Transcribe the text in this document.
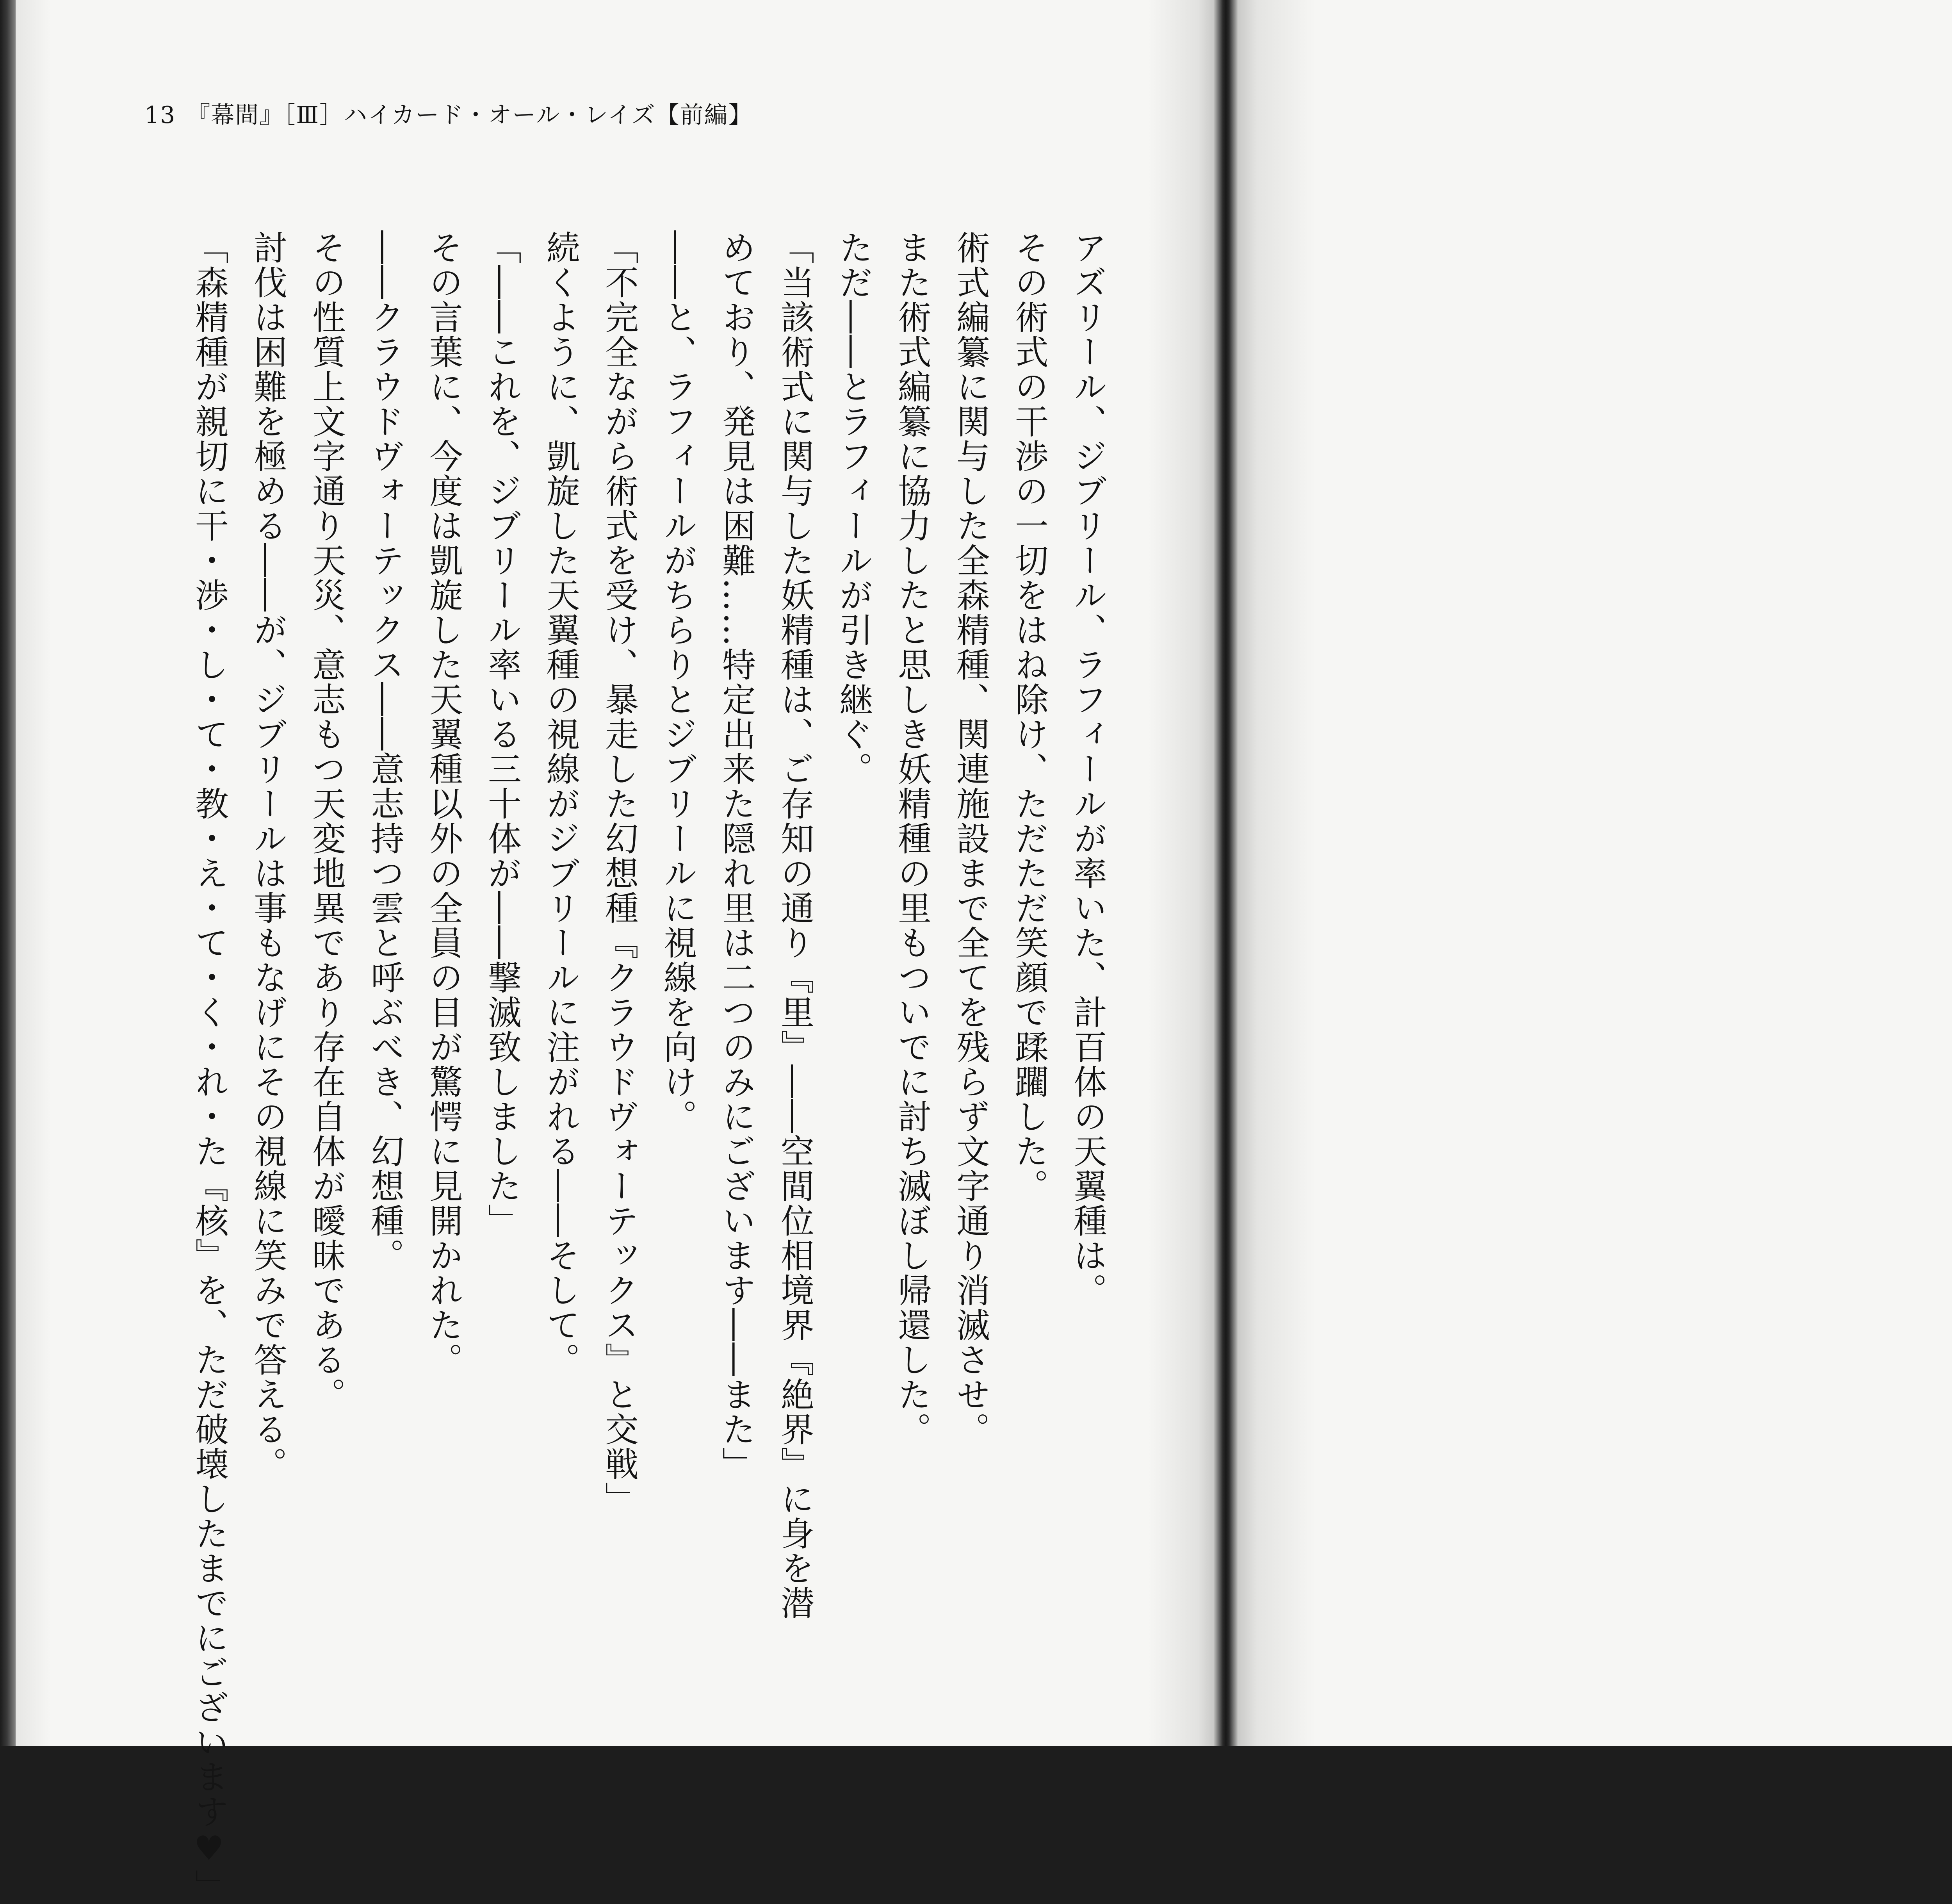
13 『幕間』［Ⅲ］ハイカード・オール・レイズ【前編】
アズリール、ジブリール、ラフィールが率いた、計百体の天翼種は。
その術式の干渉の一切をはね除け、ただただ笑顔で蹂躙した。
術式編纂に関与した全森精種、関連施設まで全てを残らず文字通り消滅させ。
また術式編纂に協力したと思しき妖精種の里もついでに討ち滅ぼし帰還した。
ただ――とラフィールが引き継ぐ。
「当該術式に関与した妖精種は、ご存知の通り『里』――空間位相境界『絶界』に身を潜
めており、発見は困難……特定出来た隠れ里は二つのみにございます――また」
――と、ラフィールがちらりとジブリールに視線を向け。
「不完全ながら術式を受け、暴走した幻想種『クラウドヴォーテックス』と交戦」
続くように、凱旋した天翼種の視線がジブリールに注がれる――そして。
「――これを、ジブリール率いる三十体が――撃滅致しました」
その言葉に、今度は凱旋した天翼種以外の全員の目が驚愕に見開かれた。
――クラウドヴォーテックス――意志持つ雲と呼ぶべき、幻想種。
その性質上文字通り天災、意志もつ天変地異であり存在自体が曖昧である。
討伐は困難を極める――が、ジブリールは事もなげにその視線に笑みで答える。
「森精種が親切に干・渉・し・て・教・え・て・く・れ・た『核』を、ただ破壊したまでにございます♥」
